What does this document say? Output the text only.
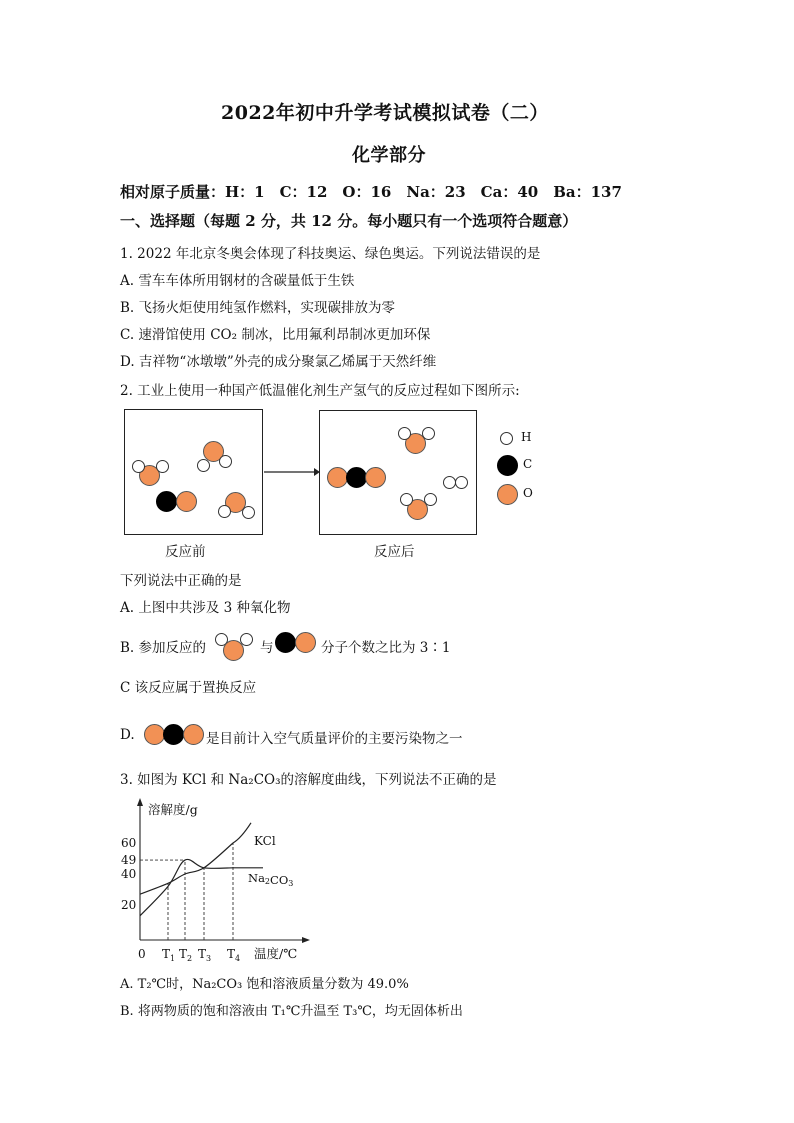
2022年初中升学考试模拟试卷（二）
化学部分
相对原子质量：H：1　C：12　O：16　Na：23　Ca：40　Ba：137
一、选择题（每题 2 分，共 12 分。每小题只有一个选项符合题意）
1. 2022 年北京冬奥会体现了科技奥运、绿色奥运。下列说法错误的是
A. 雪车车体所用钢材的含碳量低于生铁
B. 飞扬火炬使用纯氢作燃料，实现碳排放为零
C. 速滑馆使用 CO₂ 制冰，比用氟利昂制冰更加环保
D. 吉祥物“冰墩墩”外壳的成分聚氯乙烯属于天然纤维
2. 工业上使用一种国产低温催化剂生产氢气的反应过程如下图所示:
反应前	反应后
H
C
O
下列说法中正确的是
A. 上图中共涉及 3 种氧化物
B. 参加反应的	与	分子个数之比为 3∶1
C 该反应属于置换反应
D.	是目前计入空气质量评价的主要污染物之一
3. 如图为 KCl 和 Na₂CO₃的溶解度曲线，下列说法不正确的是
溶解度/g
温度/℃
0
20
40
49
60
$T_1$ $T_2$ $T_3$ $T_4$
KCl
Na2CO3
A. T₂℃时，Na₂CO₃ 饱和溶液质量分数为 49.0%
B. 将两物质的饱和溶液由 T₁℃升温至 T₃℃，均无固体析出
